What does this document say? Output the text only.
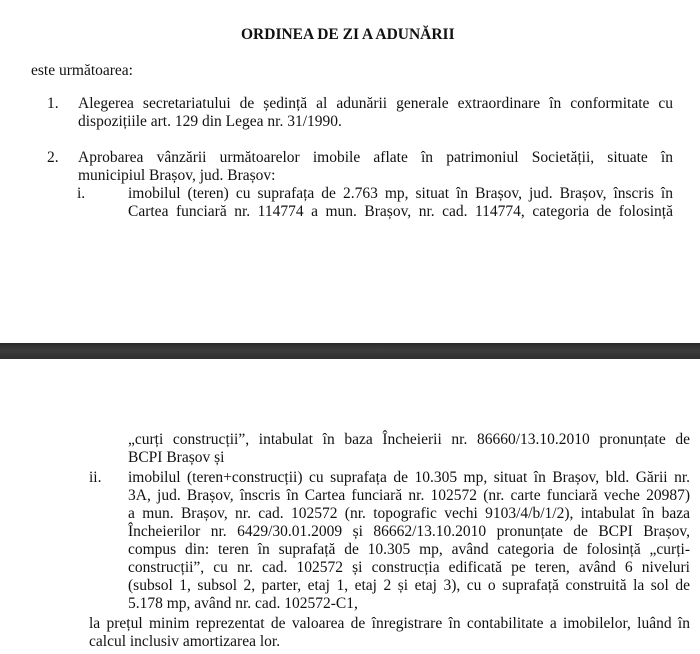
ORDINEA DE ZI A ADUNĂRII
este următoarea:
1. Alegerea secretariatului de ședință al adunării generale extraordinare în conformitate cu
dispozițiile art. 129 din Legea nr. 31/1990.
2. Aprobarea vânzării următoarelor imobile aflate în patrimoniul Societății, situate în
municipiul Brașov, jud. Brașov:
i.	imobilul (teren) cu suprafața de 2.763 mp, situat în Brașov, jud. Brașov, înscris în
Cartea funciară nr. 114774 a mun. Brașov, nr. cad. 114774, categoria de folosință
„curți construcții”, intabulat în baza Încheierii nr. 86660/13.10.2010 pronunțate de
BCPI Brașov și
ii. imobilul (teren+construcții) cu suprafața de 10.305 mp, situat în Brașov, bld. Gării nr.
3A, jud. Brașov, înscris în Cartea funciară nr. 102572 (nr. carte funciară veche 20987)
a mun. Brașov, nr. cad. 102572 (nr. topografic vechi 9103/4/b/1/2), intabulat în baza
Încheierilor nr. 6429/30.01.2009 și 86662/13.10.2010 pronunțate de BCPI Brașov,
compus din: teren în suprafață de 10.305 mp, având categoria de folosință „curți-
construcții”, cu nr. cad. 102572 și construcția edificată pe teren, având 6 niveluri
(subsol 1, subsol 2, parter, etaj 1, etaj 2 și etaj 3), cu o suprafață construită la sol de
5.178 mp, având nr. cad. 102572-C1,
la prețul minim reprezentat de valoarea de înregistrare în contabilitate a imobilelor, luând în
calcul inclusiv amortizarea lor.
